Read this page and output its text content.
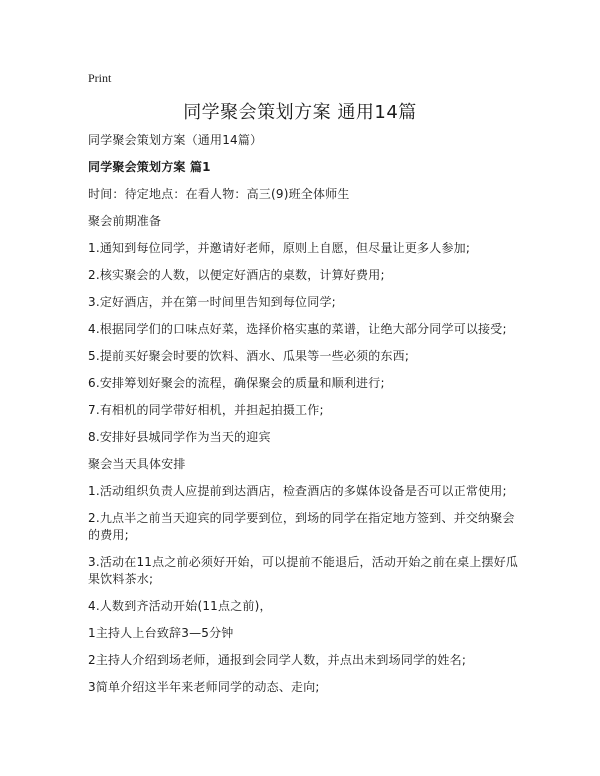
Print
同学聚会策划方案 通用14篇

同学聚会策划方案（通用14篇）

同学聚会策划方案 篇1

时间：待定地点：在看人物：高三(9)班全体师生

聚会前期准备

1.通知到每位同学，并邀请好老师，原则上自愿，但尽量让更多人参加;

2.核实聚会的人数，以便定好酒店的桌数，计算好费用;

3.定好酒店，并在第一时间里告知到每位同学;

4.根据同学们的口味点好菜，选择价格实惠的菜谱，让绝大部分同学可以接受;

5.提前买好聚会时要的饮料、酒水、瓜果等一些必须的东西;

6.安排筹划好聚会的流程，确保聚会的质量和顺利进行;

7.有相机的同学带好相机，并担起拍摄工作;

8.安排好县城同学作为当天的迎宾

聚会当天具体安排

1.活动组织负责人应提前到达酒店，检查酒店的多媒体设备是否可以正常使用;

2.九点半之前当天迎宾的同学要到位，到场的同学在指定地方签到、并交纳聚会的费用;

3.活动在11点之前必须好开始，可以提前不能退后，活动开始之前在桌上摆好瓜果饮料茶水;

4.人数到齐活动开始(11点之前)，

1主持人上台致辞3—5分钟

2主持人介绍到场老师，通报到会同学人数，并点出未到场同学的姓名;

3简单介绍这半年来老师同学的动态、走向;
